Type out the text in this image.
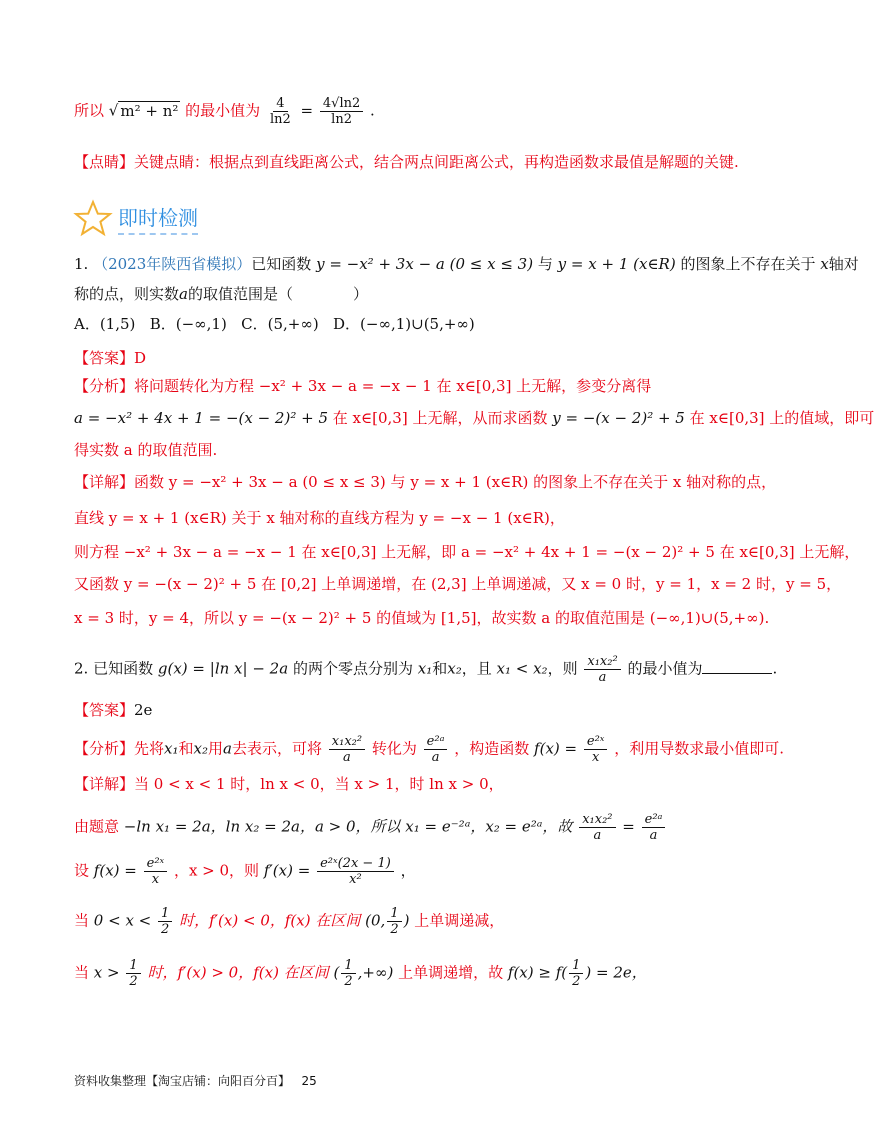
所以 √ m² + n² 的最小值为 $\frac{4}{\ln 2} = \frac{4√\ln 2}{\ln 2}$ .
【点睛】关键点睛：根据点到直线距离公式，结合两点间距离公式，再构造函数求最值是解题的关键.
即时检测
1. （2023年陕西省模拟）已知函数 y = −x² + 3x − a (0 ≤ x ≤ 3) 与 y = x + 1 (x∈R) 的图象上不存在关于 x轴对
称的点，则实数a的取值范围是（	）
A．(1,5) B．(−∞,1) C．(5,+∞) D．(−∞,1)∪(5,+∞)
【答案】D
【分析】将问题转化为方程 −x² + 3x − a = −x − 1 在 x∈[0,3] 上无解，参变分离得
a = −x² + 4x + 1 = −(x − 2)² + 5 在 x∈[0,3] 上无解，从而求函数 y = −(x − 2)² + 5 在 x∈[0,3] 上的值域，即可
得实数 a 的取值范围.
【详解】函数 y = −x² + 3x − a (0 ≤ x ≤ 3) 与 y = x + 1 (x∈R) 的图象上不存在关于 x 轴对称的点，
直线 y = x + 1 (x∈R) 关于 x 轴对称的直线方程为 y = −x − 1 (x∈R)，
则方程 −x² + 3x − a = −x − 1 在 x∈[0,3] 上无解，即 a = −x² + 4x + 1 = −(x − 2)² + 5 在 x∈[0,3] 上无解，
又函数 y = −(x − 2)² + 5 在 [0,2] 上单调递增，在 (2,3] 上单调递减，又 x = 0 时，y = 1，x = 2 时，y = 5，
x = 3 时，y = 4，所以 y = −(x − 2)² + 5 的值域为 [1,5]，故实数 a 的取值范围是 (−∞,1)∪(5,+∞).
2. 已知函数 g(x) = |ln x| − 2a 的两个零点分别为 x₁和x₂，且 x₁ < x₂，则 $\frac{\text{x₁x₂²}}{a}$ 的最小值为	.
【答案】2e
【分析】先将x₁和x₂用a去表示，可将 $\frac{\text{x₁x₂²}}{a}$ 转化为 $\frac{\text{e²ᵃ}}{a}$ ，构造函数 $f(x) = \frac{\text{e²ˣ}}{x}$ ，利用导数求最小值即可.
【详解】当 0 < x < 1 时，ln x < 0，当 x > 1，时 ln x > 0，
由题意 −ln x₁ = 2a，ln x₂ = 2a，a > 0，所以 x₁ = e⁻²ᵃ，x₂ = e²ᵃ，故 $\frac{\text{x₁x₂²}}{a} = \frac{\text{e²ᵃ}}{a}$
设 $f(x) = \frac{\text{e²ˣ}}{x}$ ，x > 0，则 $f'(x) = \frac{\text{e²ˣ(2x − 1)}}{\text{x²}}$ ，
当 $0 < x < \frac{1}{2}$ 时，f′(x) < 0，f(x) 在区间 (0, $\frac{1}{2}$ ) 上单调递减，
当 $x > \frac{1}{2}$ 时，f′(x) > 0，f(x) 在区间 ( $\frac{1}{2}$ ,+∞) 上单调递增，故 $f(x) \ge f( \frac{1}{2}$ ) = 2e，
资料收集整理【淘宝店铺：向阳百分百】 25
